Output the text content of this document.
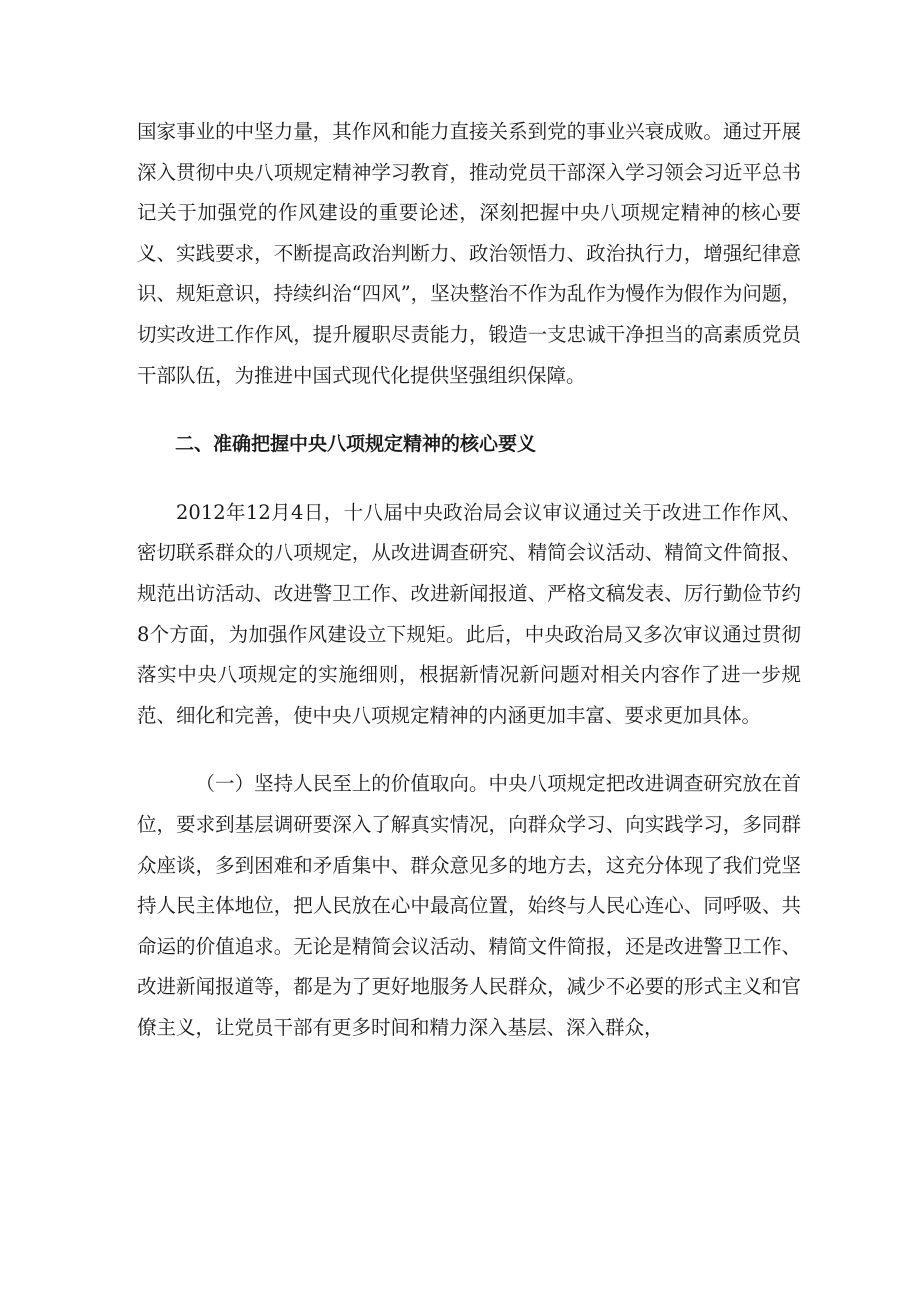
国家事业的中坚力量，其作风和能力直接关系到党的事业兴衰成败。通过开展深入贯彻中央八项规定精神学习教育，推动党员干部深入学习领会习近平总书记关于加强党的作风建设的重要论述，深刻把握中央八项规定精神的核心要义、实践要求，不断提高政治判断力、政治领悟力、政治执行力，增强纪律意识、规矩意识，持续纠治“四风”，坚决整治不作为乱作为慢作为假作为问题，切实改进工作作风，提升履职尽责能力，锻造一支忠诚干净担当的高素质党员干部队伍，为推进中国式现代化提供坚强组织保障。

二、准确把握中央八项规定精神的核心要义

2012年12月4日，十八届中央政治局会议审议通过关于改进工作作风、密切联系群众的八项规定，从改进调查研究、精简会议活动、精简文件简报、规范出访活动、改进警卫工作、改进新闻报道、严格文稿发表、厉行勤俭节约8个方面，为加强作风建设立下规矩。此后，中央政治局又多次审议通过贯彻落实中央八项规定的实施细则，根据新情况新问题对相关内容作了进一步规范、细化和完善，使中央八项规定精神的内涵更加丰富、要求更加具体。

（一）坚持人民至上的价值取向。中央八项规定把改进调查研究放在首位，要求到基层调研要深入了解真实情况，向群众学习、向实践学习，多同群众座谈，多到困难和矛盾集中、群众意见多的地方去，这充分体现了我们党坚持人民主体地位，把人民放在心中最高位置，始终与人民心连心、同呼吸、共命运的价值追求。无论是精简会议活动、精简文件简报，还是改进警卫工作、改进新闻报道等，都是为了更好地服务人民群众，减少不必要的形式主义和官僚主义，让党员干部有更多时间和精力深入基层、深入群众，
